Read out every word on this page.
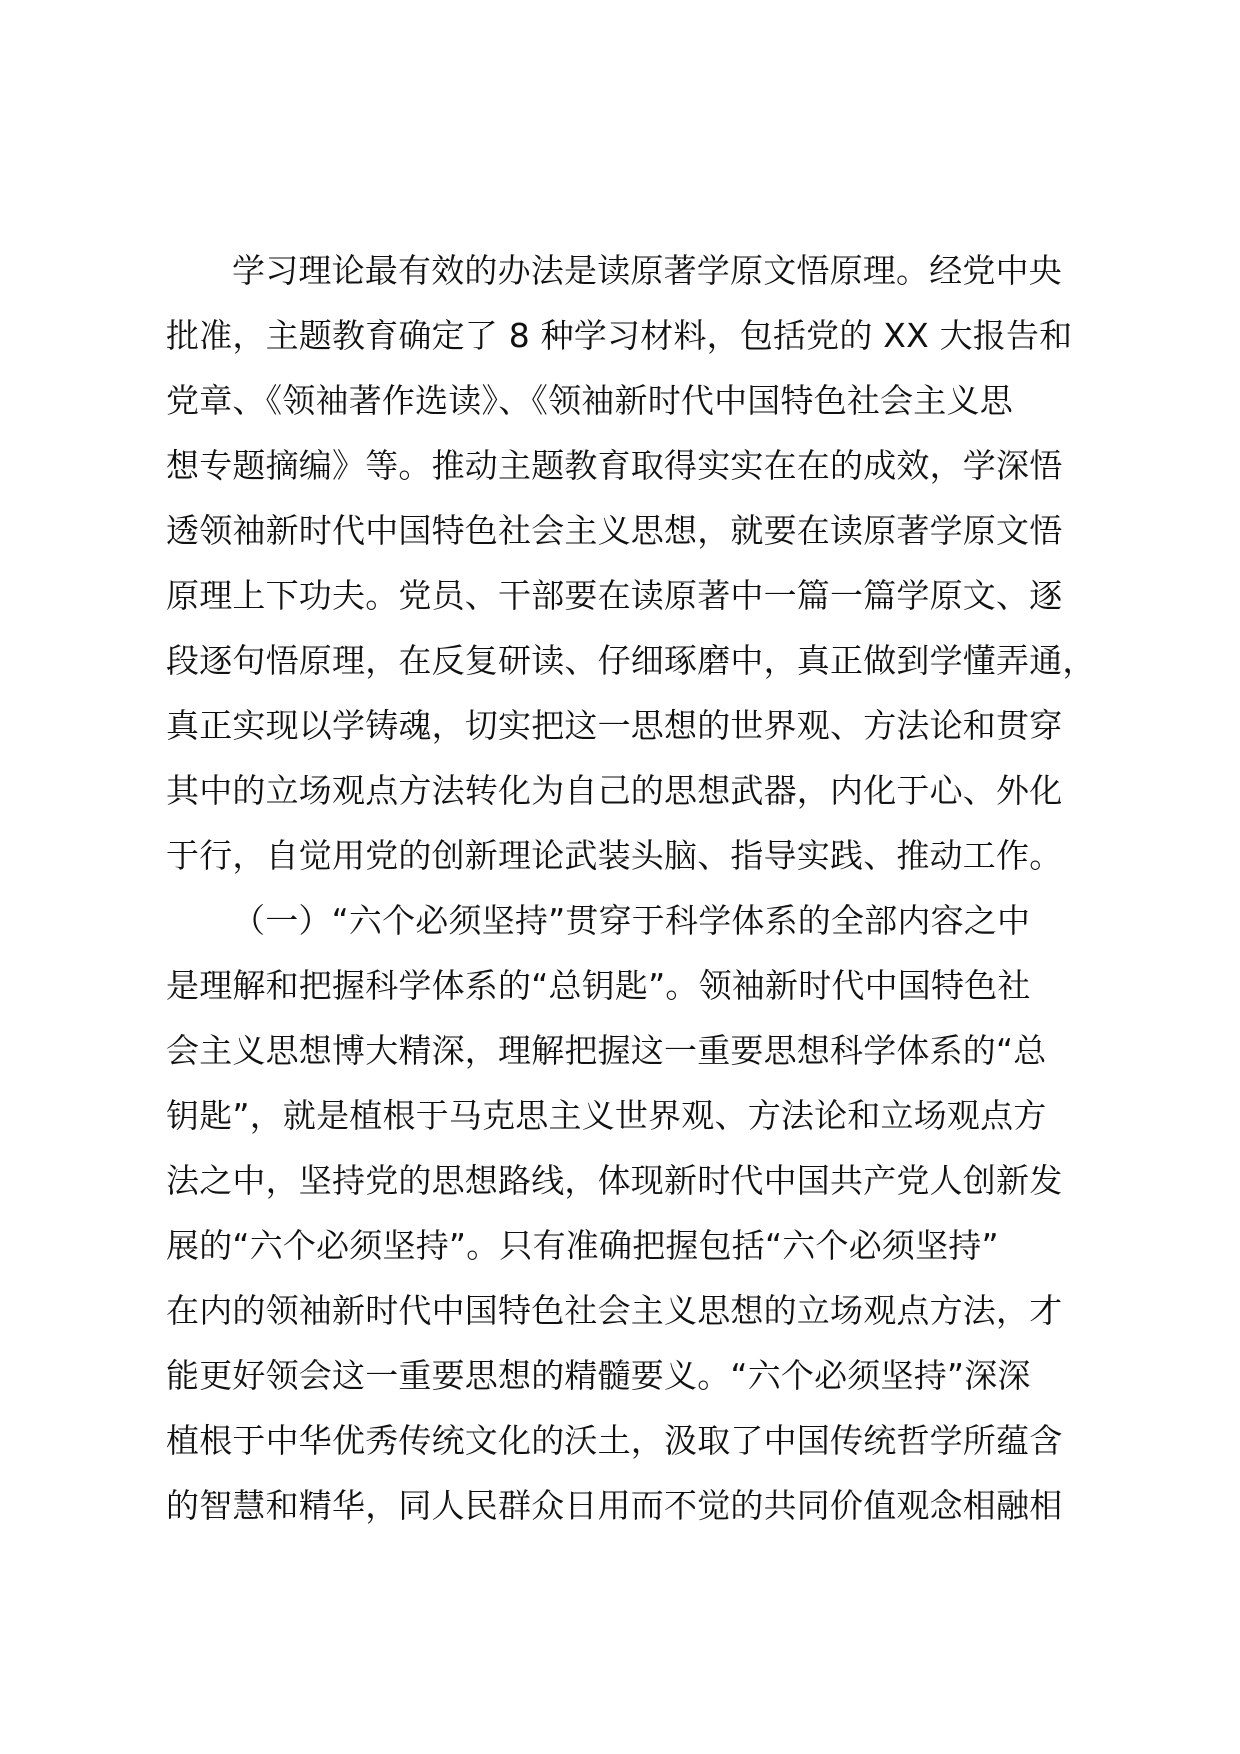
学习理论最有效的办法是读原著学原文悟原理。经党中央
批准，主题教育确定了 8 种学习材料，包括党的 XX 大报告和
党章、《领袖著作选读》、《领袖新时代中国特色社会主义思
想专题摘编》等。推动主题教育取得实实在在的成效，学深悟
透领袖新时代中国特色社会主义思想，就要在读原著学原文悟
原理上下功夫。党员、干部要在读原著中一篇一篇学原文、逐
段逐句悟原理，在反复研读、仔细琢磨中，真正做到学懂弄通，
真正实现以学铸魂，切实把这一思想的世界观、方法论和贯穿
其中的立场观点方法转化为自己的思想武器，内化于心、外化
于行，自觉用党的创新理论武装头脑、指导实践、推动工作。
（一）“六个必须坚持”贯穿于科学体系的全部内容之中
是理解和把握科学体系的“总钥匙”。领袖新时代中国特色社
会主义思想博大精深，理解把握这一重要思想科学体系的“总
钥匙”，就是植根于马克思主义世界观、方法论和立场观点方
法之中，坚持党的思想路线，体现新时代中国共产党人创新发
展的“六个必须坚持”。只有准确把握包括“六个必须坚持”
在内的领袖新时代中国特色社会主义思想的立场观点方法，才
能更好领会这一重要思想的精髓要义。“六个必须坚持”深深
植根于中华优秀传统文化的沃土，汲取了中国传统哲学所蕴含
的智慧和精华，同人民群众日用而不觉的共同价值观念相融相
